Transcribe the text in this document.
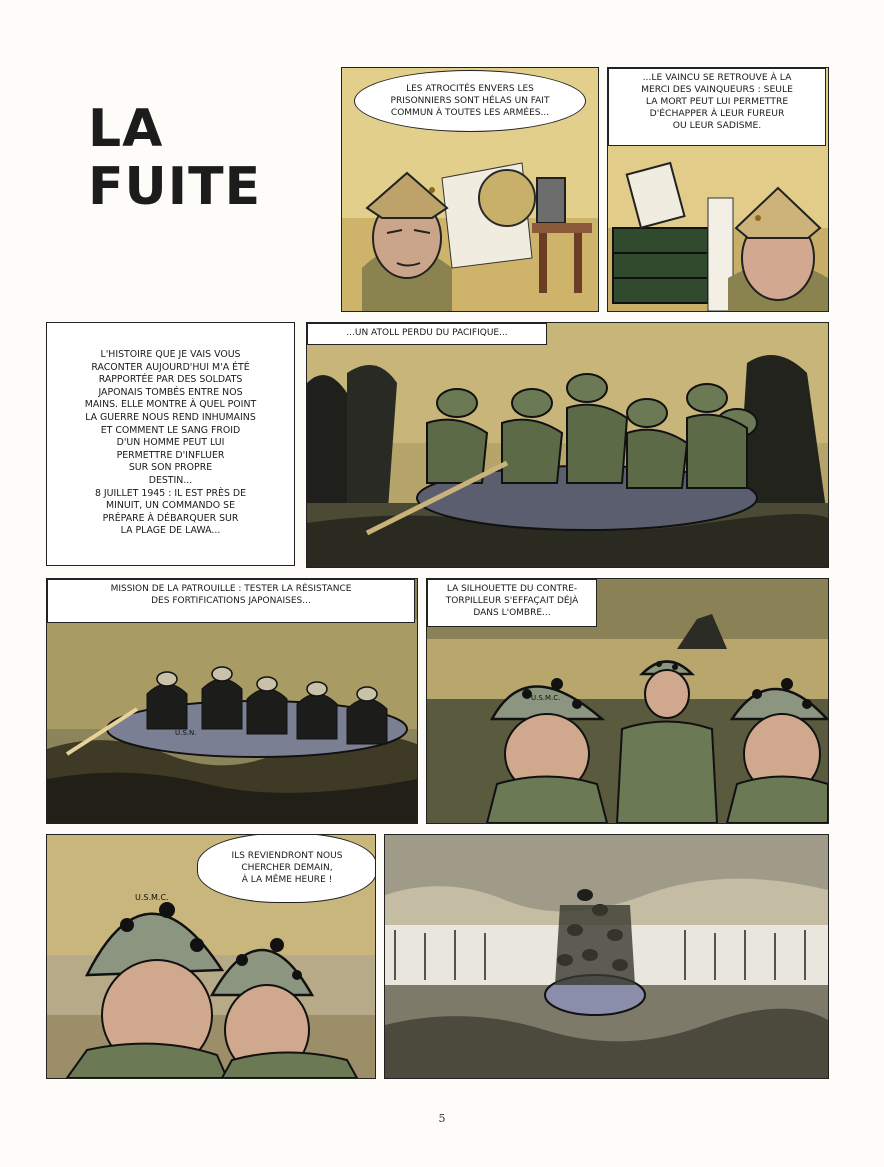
LA
FUITE
LES ATROCITÉS ENVERS LES
PRISONNIERS SONT HÉLAS UN FAIT
COMMUN À TOUTES LES ARMÉES...
...LE VAINCU SE RETROUVE À LA
MERCI DES VAINQUEURS : SEULE
LA MORT PEUT LUI PERMETTRE
D'ÉCHAPPER À LEUR FUREUR
OU LEUR SADISME.
L'HISTOIRE QUE JE VAIS VOUS
RACONTER AUJOURD'HUI M'A ÉTÉ
RAPPORTÉE PAR DES SOLDATS
JAPONAIS TOMBÉS ENTRE NOS
MAINS. ELLE MONTRE À QUEL POINT
LA GUERRE NOUS REND INHUMAINS
ET COMMENT LE SANG FROID
D'UN HOMME PEUT LUI
PERMETTRE D'INFLUER
SUR SON PROPRE
DESTIN...
8 JUILLET 1945 : IL EST PRÈS DE
MINUIT, UN COMMANDO SE
PRÉPARE À DÉBARQUER SUR
LA PLAGE DE LAWA...
...UN ATOLL PERDU DU PACIFIQUE...
MISSION DE LA PATROUILLE : TESTER LA RÉSISTANCE
DES FORTIFICATIONS JAPONAISES...
U.S.N.
LA SILHOUETTE DU CONTRE-
TORPILLEUR S'EFFAÇAIT DÉJÀ
DANS L'OMBRE...
U.S.M.C.
ILS REVIENDRONT NOUS
CHERCHER DEMAIN,
À LA MÊME HEURE !
U.S.M.C.
5
